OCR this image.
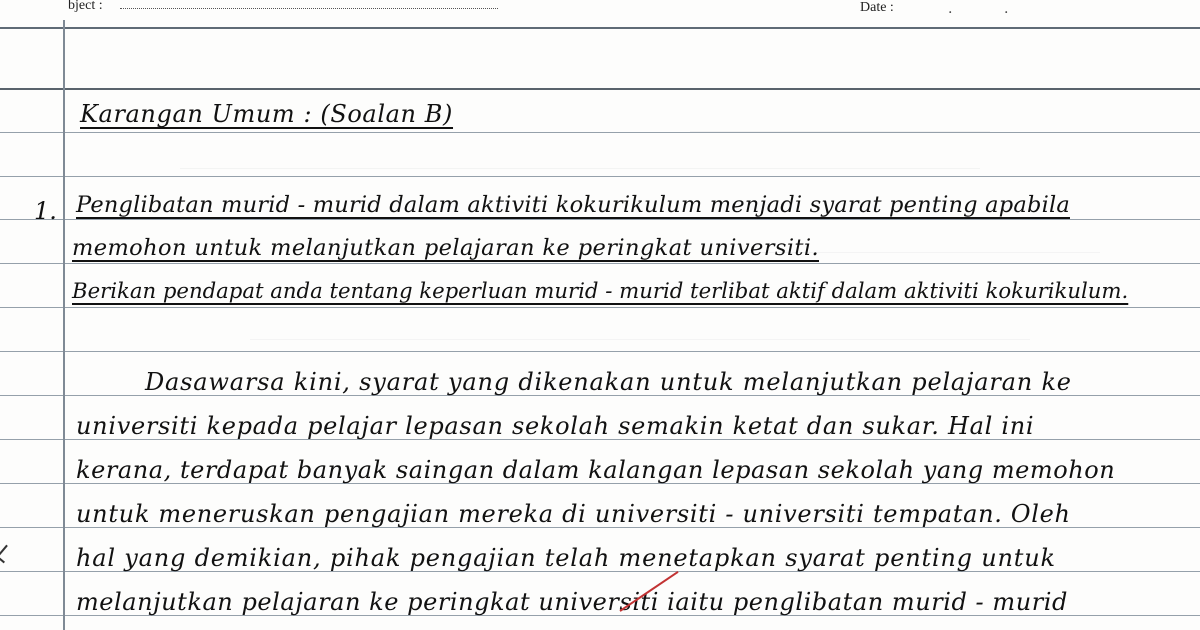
bject :	Date :	.	.
Karangan Umum : (Soalan B)
1. Penglibatan murid - murid dalam aktiviti kokurikulum menjadi syarat penting apabila
memohon untuk melanjutkan pelajaran ke peringkat universiti.
Berikan pendapat anda tentang keperluan murid - murid terlibat aktif dalam aktiviti kokurikulum.
Dasawarsa kini, syarat yang dikenakan untuk melanjutkan pelajaran ke
universiti kepada pelajar lepasan sekolah semakin ketat dan sukar. Hal ini
kerana, terdapat banyak saingan dalam kalangan lepasan sekolah yang memohon
untuk meneruskan pengajian mereka di universiti - universiti tempatan. Oleh
hal yang demikian, pihak pengajian telah menetapkan syarat penting untuk
melanjutkan pelajaran ke peringkat universiti iaitu penglibatan murid - murid
